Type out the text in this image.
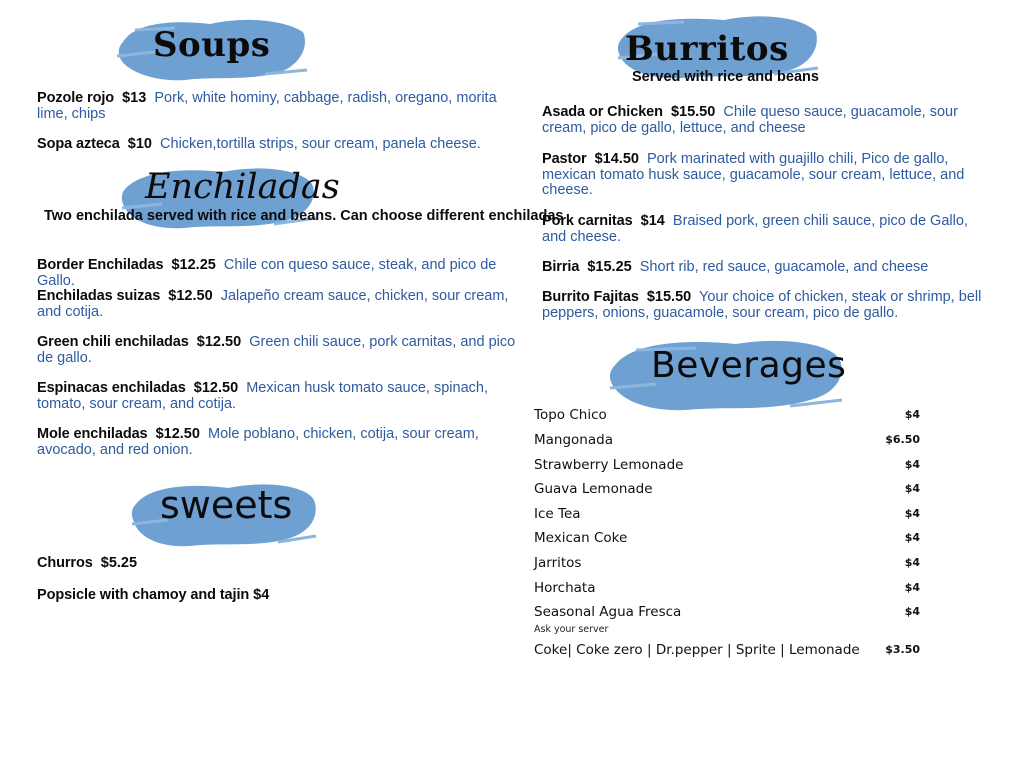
Soups	Burritos
Served with rice and beans
Enchiladas
Two enchilada served with rice and beans. Can choose different enchiladas
sweets
Beverages
Pozole rojo $13 Pork, white hominy, cabbage, radish, oregano, morita lime, chips
Sopa azteca $10 Chicken,tortilla strips, sour cream, panela cheese.
Border Enchiladas $12.25 Chile con queso sauce, steak, and pico de Gallo.
Enchiladas suizas $12.50 Jalapeño cream sauce, chicken, sour cream, and cotija.
Green chili enchiladas $12.50 Green chili sauce, pork carnitas, and pico de gallo.
Espinacas enchiladas $12.50 Mexican husk tomato sauce, spinach, tomato, sour cream, and cotija.
Mole enchiladas $12.50 Mole poblano, chicken, cotija, sour cream, avocado, and red onion.
Churros $5.25
Popsicle with chamoy and tajin $4
Asada or Chicken $15.50 Chile queso sauce, guacamole, sour cream, pico de gallo, lettuce, and cheese
Pastor $14.50 Pork marinated with guajillo chili, Pico de gallo, mexican tomato husk sauce, guacamole, sour cream, lettuce, and cheese.
Pork carnitas $14 Braised pork, green chili sauce, pico de Gallo, and cheese.
Birria $15.25 Short rib, red sauce, guacamole, and cheese
Burrito Fajitas $15.50 Your choice of chicken, steak or shrimp, bell peppers, onions, guacamole, sour cream, pico de gallo.
Topo Chico	$4
Mangonada	$6.50
Strawberry Lemonade	$4
Guava Lemonade	$4
Ice Tea	$4
Mexican Coke	$4
Jarritos	$4
Horchata	$4
Seasonal Agua Fresca	$4
Ask your server
Coke| Coke zero | Dr.pepper | Sprite | Lemonade $3.50
